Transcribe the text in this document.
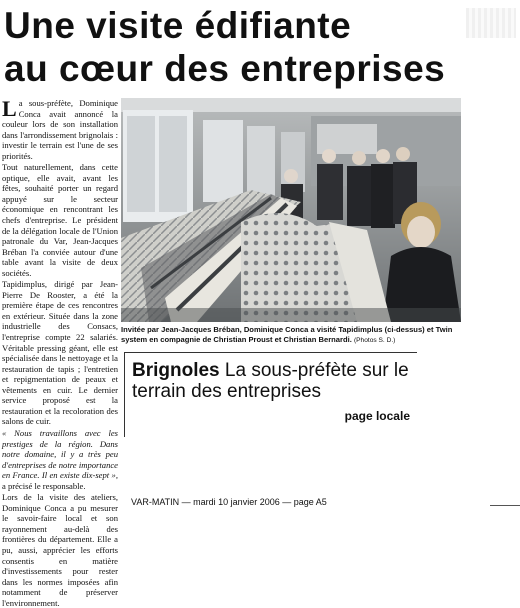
Une visite édifiante
au cœur des entreprises

La sous-préfète, Dominique Conca avait annoncé la couleur lors de son installation dans l'arrondissement brignolais : investir le terrain est l'une de ses priorités.

Tout naturellement, dans cette optique, elle avait, avant les fêtes, souhaité porter un regard appuyé sur le secteur économique en rencontrant les chefs d'entreprise. Le président de la délégation locale de l'Union patronale du Var, Jean-Jacques Bréban l'a conviée autour d'une table avant la visite de deux sociétés.

Tapidimplus, dirigé par Jean-Pierre De Rooster, a été la première étape de ces rencontres en extérieur. Située dans la zone industrielle des Consacs, l'entreprise compte 22 salariés. Véritable pressing géant, elle est spécialisée dans le nettoyage et la restauration de tapis ; l'entretien et repigmentation de peaux et vêtements en cuir. Le dernier service proposé est la restauration et la recoloration des salons de cuir.

« Nous travaillons avec les prestiges de la région. Dans notre domaine, il y a très peu d'entreprises de notre importance en France. Il en existe dix-sept », a précisé le responsable.

Lors de la visite des ateliers, Dominique Conca a pu mesurer le savoir-faire local et son rayonnement au-delà des frontières du département. Elle a pu, aussi, apprécier les efforts consentis en matière d'investissements pour rester dans les normes imposées afin notamment de préserver l'environnement.

Invitée par Jean-Jacques Bréban, Dominique Conca a visité Tapidimplus (ci-dessus) et Twin system en compagnie de Christian Proust et Christian Bernardi. (Photos S. D.)
Brignoles La sous-préfète sur le terrain des entreprises
page locale
VAR-MATIN — mardi 10 janvier 2006 — page A5
